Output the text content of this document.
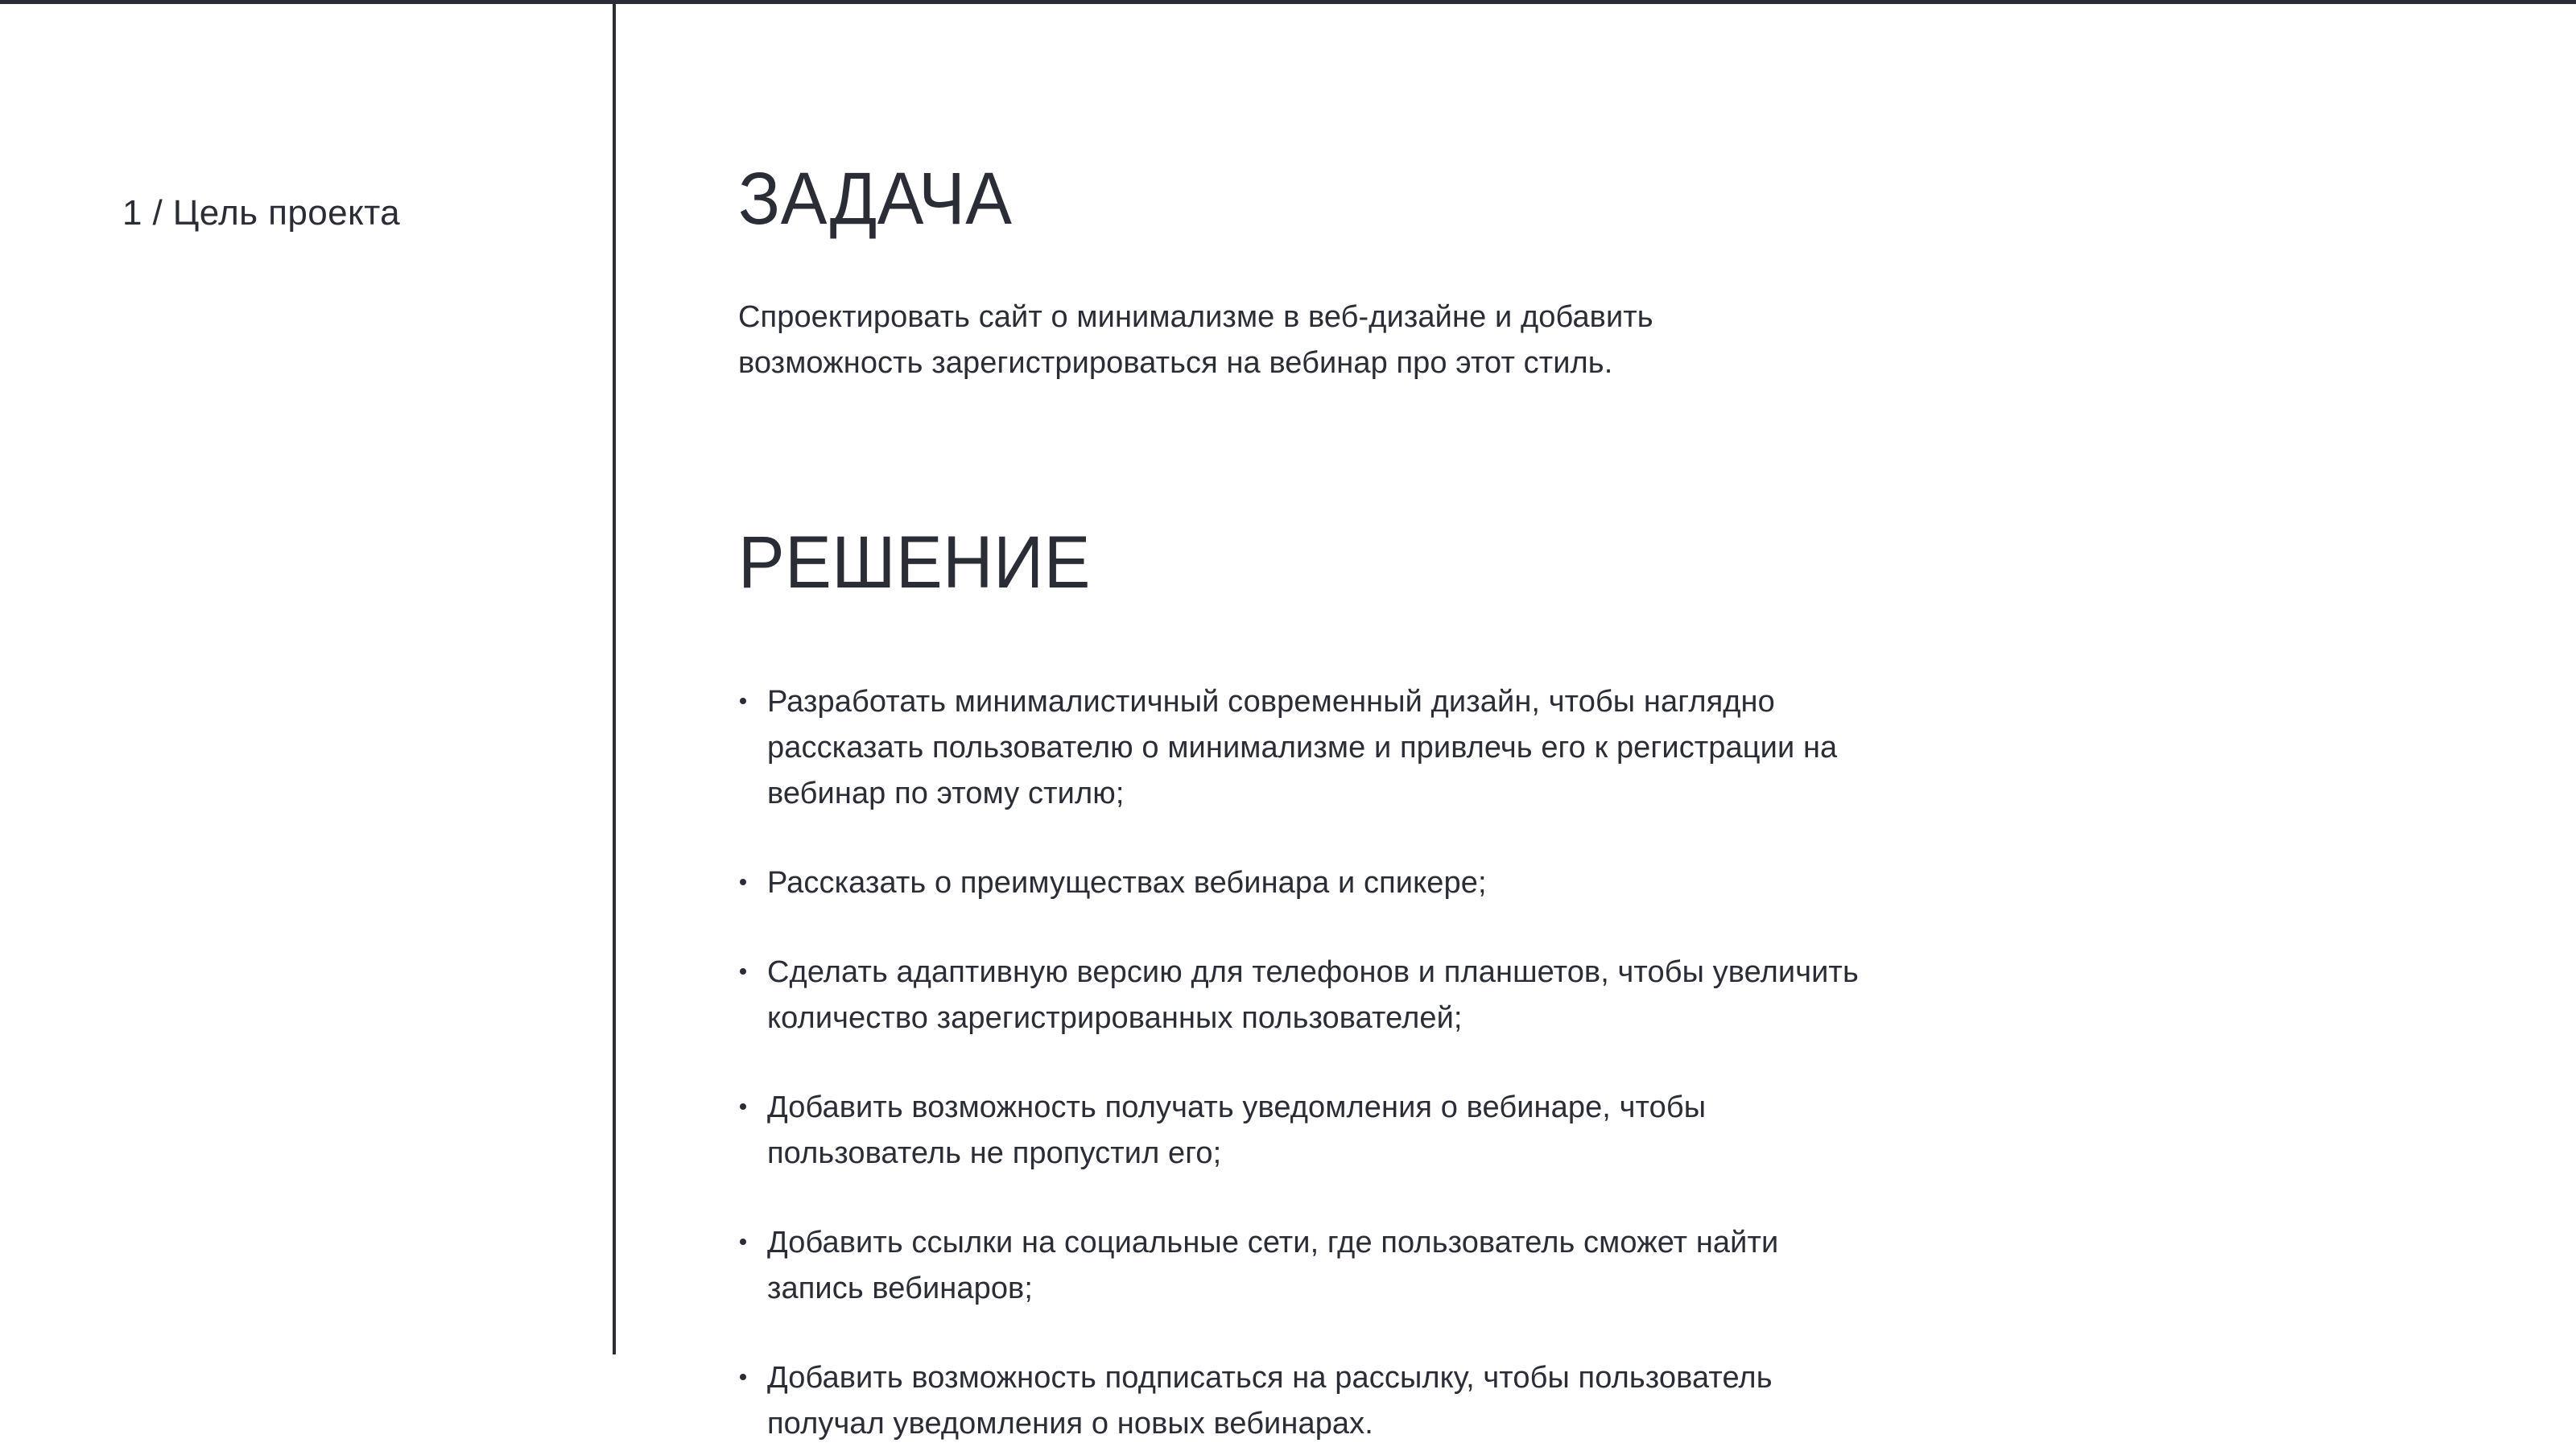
1 / Цель проекта	ЗАДАЧА

Спроектировать сайт о минимализме в веб-дизайне и добавить возможность зарегистрироваться на вебинар про этот стиль.

РЕШЕНИЕ
Разработать минималистичный современный дизайн, чтобы наглядно рассказать пользователю о минимализме и привлечь его к регистрации на вебинар по этому стилю;
Рассказать о преимуществах вебинара и спикере;
Сделать адаптивную версию для телефонов и планшетов, чтобы увеличить количество зарегистрированных пользователей;
Добавить возможность получать уведомления о вебинаре, чтобы пользователь не пропустил его;
Добавить ссылки на социальные сети, где пользователь сможет найти запись вебинаров;
Добавить возможность подписаться на рассылку, чтобы пользователь получал уведомления о новых вебинарах.
